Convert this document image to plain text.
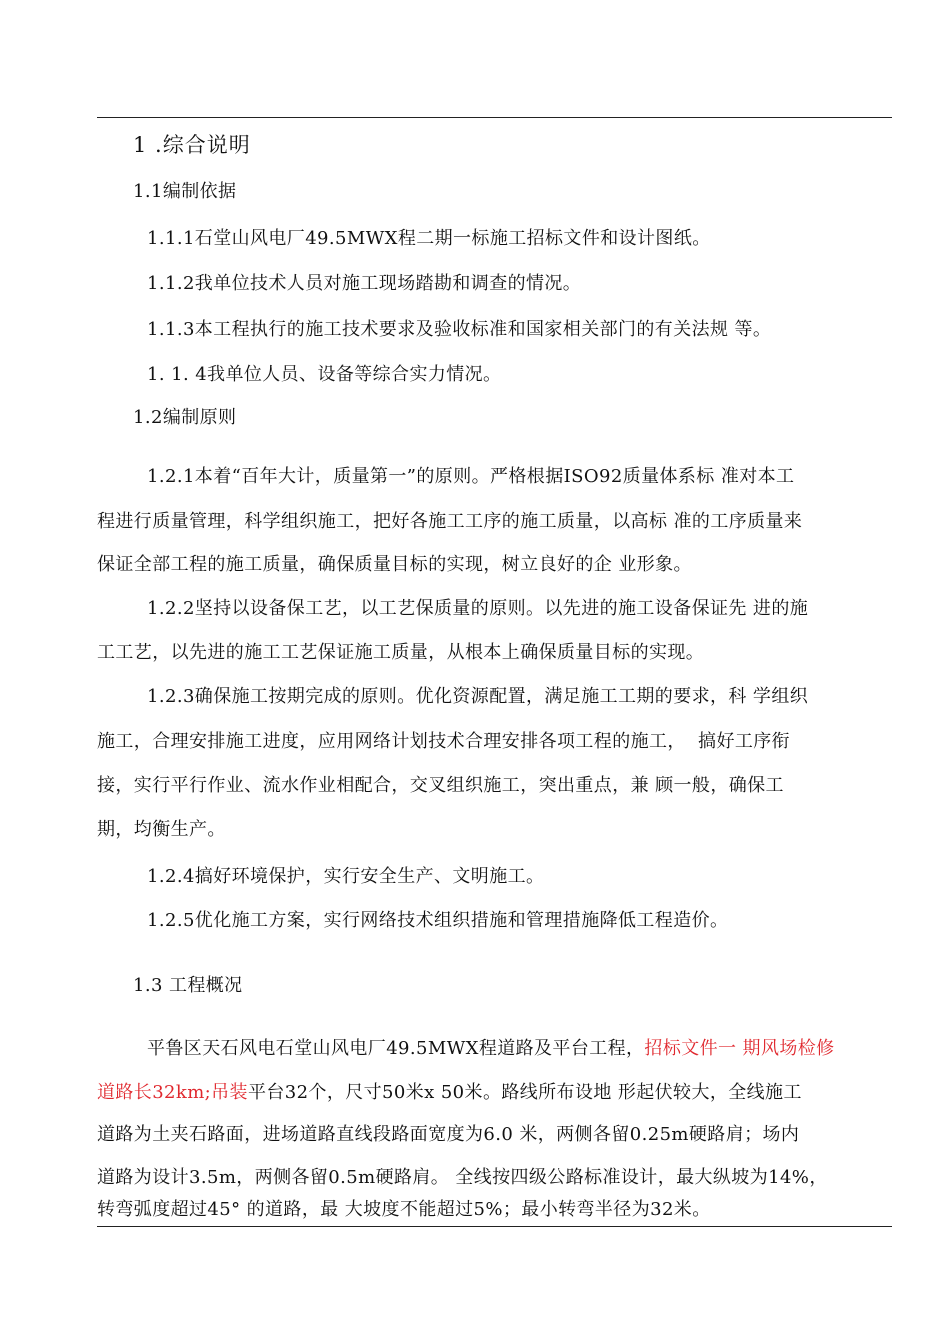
1 .综合说明
1.1编制依据
1.1.1石堂山风电厂49.5MWX程二期一标施工招标文件和设计图纸。
1.1.2我单位技术人员对施工现场踏勘和调查的情况。
1.1.3本工程执行的施工技术要求及验收标准和国家相关部门的有关法规 等。
1. 1. 4我单位人员、设备等综合实力情况。
1.2编制原则
1.2.1本着“百年大计，质量第一”的原则。严格根据ISO92质量体系标 准对本工
程进行质量管理，科学组织施工，把好各施工工序的施工质量，以高标 准的工序质量来
保证全部工程的施工质量，确保质量目标的实现，树立良好的企 业形象。
1.2.2坚持以设备保工艺，以工艺保质量的原则。以先进的施工设备保证先 进的施
工工艺，以先进的施工工艺保证施工质量，从根本上确保质量目标的实现。
1.2.3确保施工按期完成的原则。优化资源配置，满足施工工期的要求，科 学组织
施工，合理安排施工进度，应用网络计划技术合理安排各项工程的施工，  搞好工序衔
接，实行平行作业、流水作业相配合，交叉组织施工，突出重点，兼 顾一般，确保工
期，均衡生产。
1.2.4搞好环境保护，实行安全生产、文明施工。
1.2.5优化施工方案，实行网络技术组织措施和管理措施降低工程造价。
1.3 工程概况
平鲁区天石风电石堂山风电厂49.5MWX程道路及平台工程，招标文件一 期风场检修
道路长32km;吊装平台32个，尺寸50米x 50米。路线所布设地 形起伏较大，全线施工
道路为土夹石路面，进场道路直线段路面宽度为6.0 米，两侧各留0.25m硬路肩；场内
道路为设计3.5m，两侧各留0.5m硬路肩。 全线按四级公路标准设计，最大纵坡为14%，
转弯弧度超过45° 的道路，最 大坡度不能超过5%；最小转弯半径为32米。
